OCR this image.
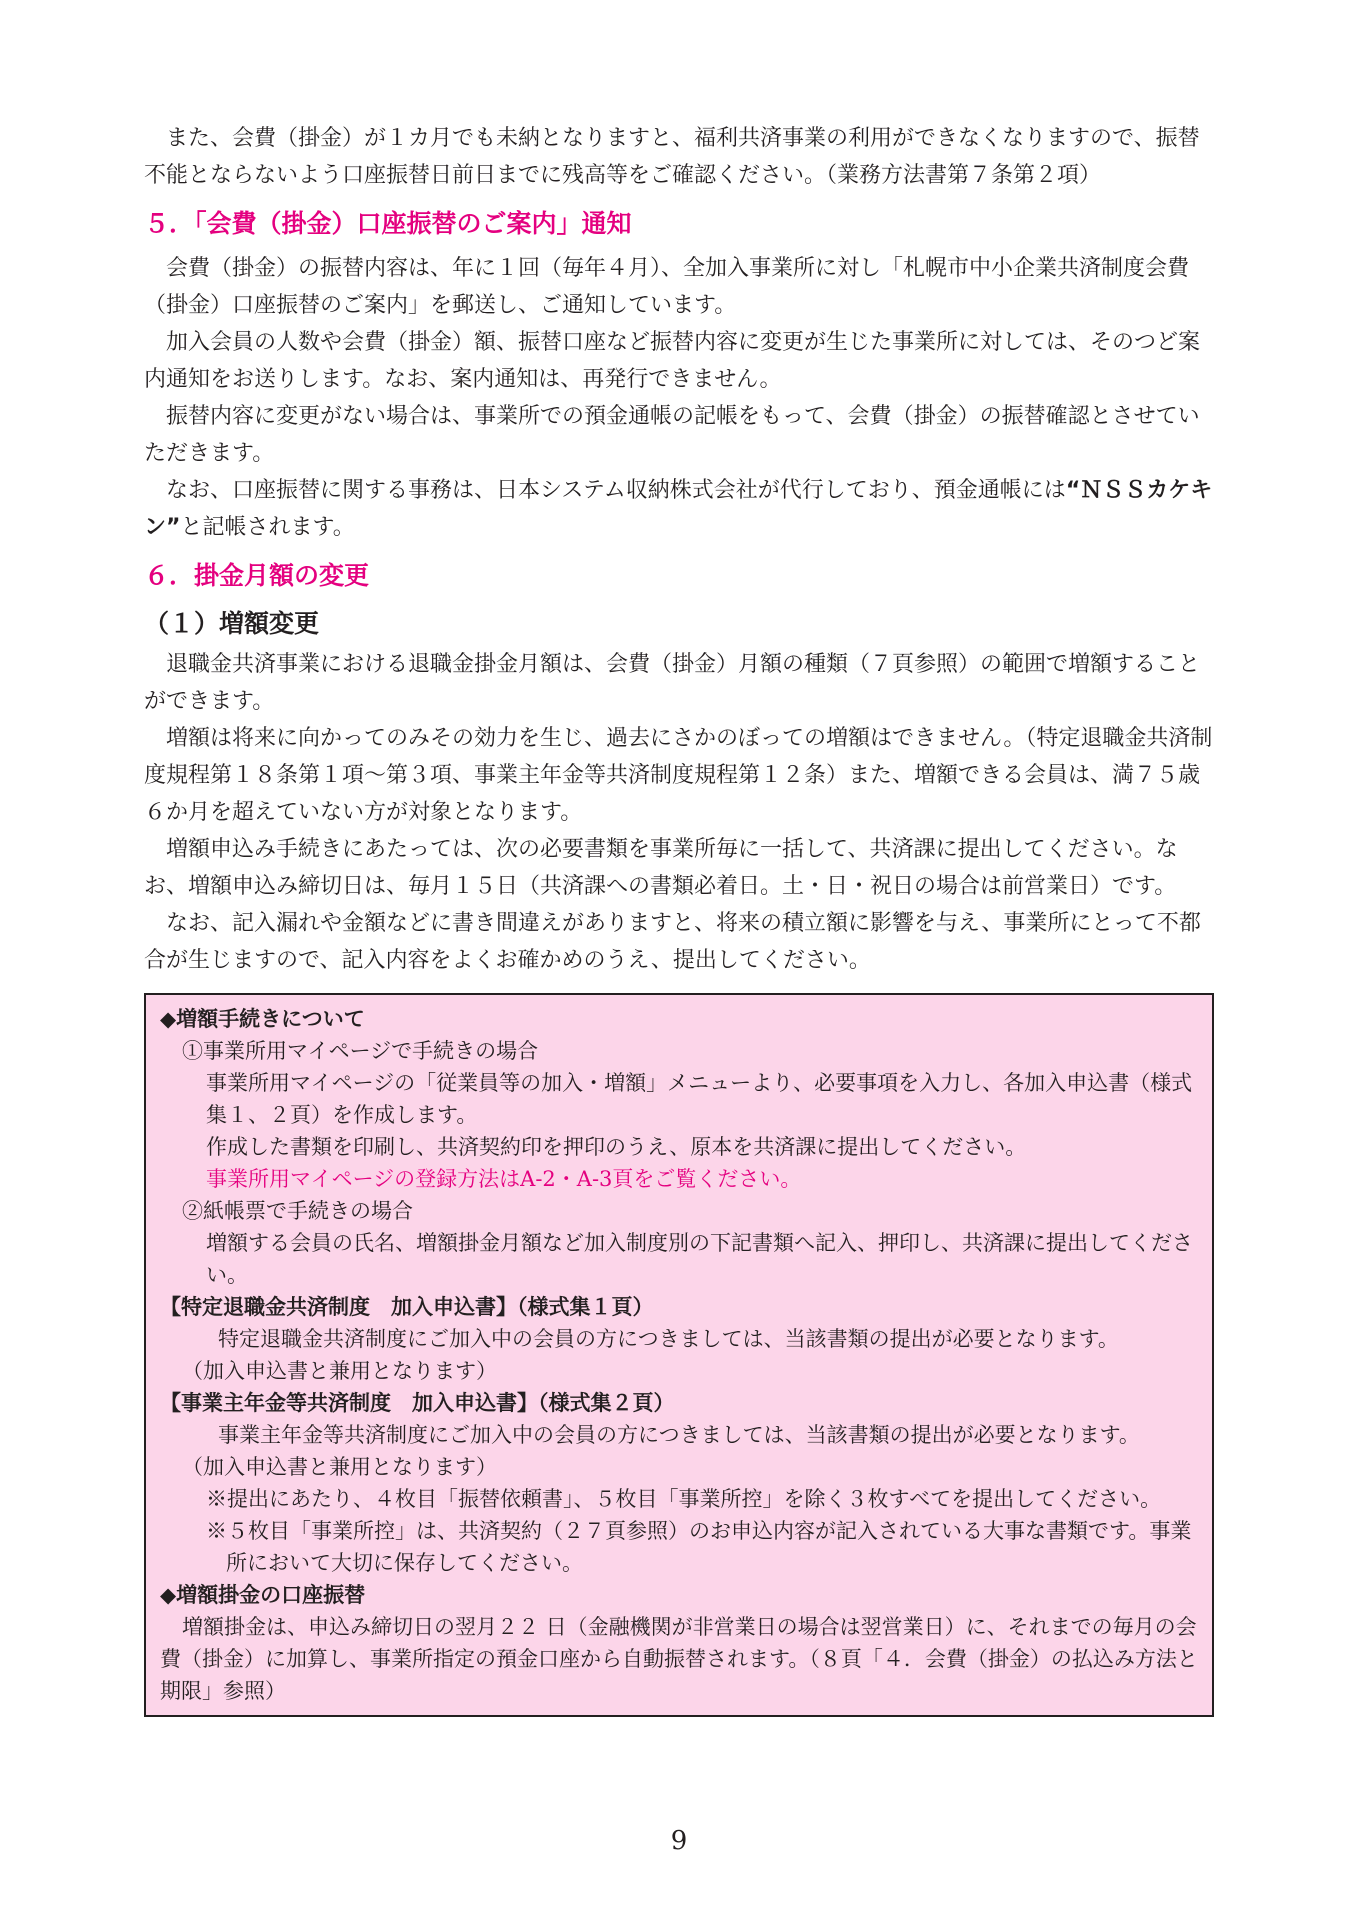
また、会費（掛金）が１カ月でも未納となりますと、福利共済事業の利用ができなくなりますので、振替不能とならないよう口座振替日前日までに残高等をご確認ください。（業務方法書第７条第２項）

５．「会費（掛金）口座振替のご案内」通知

会費（掛金）の振替内容は、年に１回（毎年４月）、全加入事業所に対し「札幌市中小企業共済制度会費（掛金）口座振替のご案内」を郵送し、ご通知しています。

加入会員の人数や会費（掛金）額、振替口座など振替内容に変更が生じた事業所に対しては、そのつど案内通知をお送りします。なお、案内通知は、再発行できません。

振替内容に変更がない場合は、事業所での預金通帳の記帳をもって、会費（掛金）の振替確認とさせていただきます。

なお、口座振替に関する事務は、日本システム収納株式会社が代行しており、預金通帳には“ＮＳＳカケキン”と記帳されます。

６．掛金月額の変更
（１）増額変更

退職金共済事業における退職金掛金月額は、会費（掛金）月額の種類（７頁参照）の範囲で増額することができます。

増額は将来に向かってのみその効力を生じ、過去にさかのぼっての増額はできません。（特定退職金共済制度規程第１８条第１項〜第３項、事業主年金等共済制度規程第１２条）また、増額できる会員は、満７５歳６か月を超えていない方が対象となります。

増額申込み手続きにあたっては、次の必要書類を事業所毎に一括して、共済課に提出してください。なお、増額申込み締切日は、毎月１５日（共済課への書類必着日。土・日・祝日の場合は前営業日）です。

なお、記入漏れや金額などに書き間違えがありますと、将来の積立額に影響を与え、事業所にとって不都合が生じますので、記入内容をよくお確かめのうえ、提出してください。

◆増額手続きについて

①事業所用マイページで手続きの場合

事業所用マイページの「従業員等の加入・増額」メニューより、必要事項を入力し、各加入申込書（様式集１、２頁）を作成します。

作成した書類を印刷し、共済契約印を押印のうえ、原本を共済課に提出してください。

事業所用マイページの登録方法はA-2・A-3頁をご覧ください。

②紙帳票で手続きの場合

増額する会員の氏名、増額掛金月額など加入制度別の下記書類へ記入、押印し、共済課に提出してください。

【特定退職金共済制度　加入申込書】（様式集１頁）

特定退職金共済制度にご加入中の会員の方につきましては、当該書類の提出が必要となります。

（加入申込書と兼用となります）

【事業主年金等共済制度　加入申込書】（様式集２頁）

事業主年金等共済制度にご加入中の会員の方につきましては、当該書類の提出が必要となります。

（加入申込書と兼用となります）

※提出にあたり、４枚目「振替依頼書」、５枚目「事業所控」を除く３枚すべてを提出してください。

※５枚目「事業所控」は、共済契約（２７頁参照）のお申込内容が記入されている大事な書類です。事業所において大切に保存してください。

◆増額掛金の口座振替

増額掛金は、申込み締切日の翌月２２ 日（金融機関が非営業日の場合は翌営業日）に、それまでの毎月の会費（掛金）に加算し、事業所指定の預金口座から自動振替されます。（８頁「４．会費（掛金）の払込み方法と期限」参照）

9
